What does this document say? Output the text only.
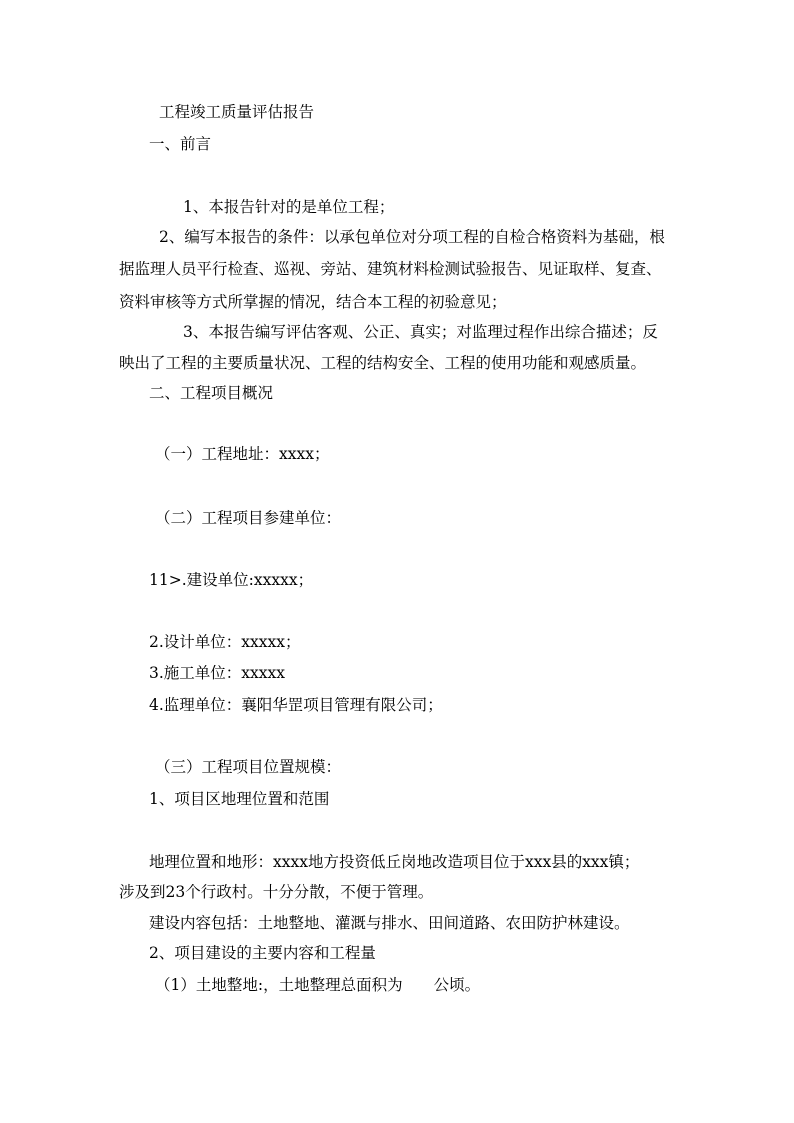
工程竣工质量评估报告
一、前言
1、本报告针对的是单位工程；
2、编写本报告的条件：以承包单位对分项工程的自检合格资料为基础，根
据监理人员平行检查、巡视、旁站、建筑材料检测试验报告、见证取样、复查、
资料审核等方式所掌握的情况，结合本工程的初验意见；
3、本报告编写评估客观、公正、真实；对监理过程作出综合描述；反
映出了工程的主要质量状况、工程的结构安全、工程的使用功能和观感质量。
二、工程项目概况
（一）工程地址：xxxx；
（二）工程项目参建单位：
11>.建设单位:xxxxx；
2.设计单位：xxxxx；
3.施工单位：xxxxx
4.监理单位：襄阳华罡项目管理有限公司；
（三）工程项目位置规模：
1、项目区地理位置和范围
地理位置和地形：xxxx地方投资低丘岗地改造项目位于xxx县的xxx镇；
涉及到23个行政村。十分分散，不便于管理。
建设内容包括：土地整地、灌溉与排水、田间道路、农田防护林建设。
2、项目建设的主要内容和工程量
（1）土地整地:，土地整理总面积为　　公顷。
